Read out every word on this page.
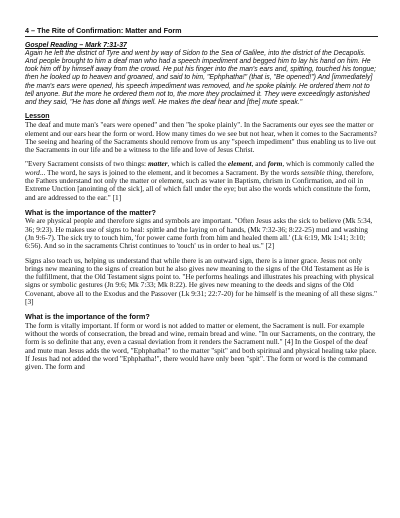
4 – The Rite of Confirmation: Matter and Form

Gospel Reading – Mark 7:31-37

Again he left the district of Tyre and went by way of Sidon to the Sea of Galilee, into the district of the Decapolis. And people brought to him a deaf man who had a speech impediment and begged him to lay his hand on him. He took him off by himself away from the crowd. He put his finger into the man's ears and, spitting, touched his tongue; then he looked up to heaven and groaned, and said to him, "Ephphatha!" (that is, "Be opened!") And [immediately] the man's ears were opened, his speech impediment was removed, and he spoke plainly. He ordered them not to tell anyone. But the more he ordered them not to, the more they proclaimed it. They were exceedingly astonished and they said, "He has done all things well. He makes the deaf hear and [the] mute speak."

Lesson

The deaf and mute man's "ears were opened" and then "he spoke plainly". In the Sacraments our eyes see the matter or element and our ears hear the form or word. How many times do we see but not hear, when it comes to the Sacraments? The seeing and hearing of the Sacraments should remove from us any "speech impediment" thus enabling us to live out the Sacraments in our life and be a witness to the life and love of Jesus Christ.

"Every Sacrament consists of two things: matter, which is called the element, and form, which is commonly called the word... The word, he says is joined to the element, and it becomes a Sacrament. By the words sensible thing, therefore, the Fathers understand not only the matter or element, such as water in Baptism, chrism in Confirmation, and oil in Extreme Unction [anointing of the sick], all of which fall under the eye; but also the words which constitute the form, and are addressed to the ear." [1]

What is the importance of the matter?

We are physical people and therefore signs and symbols are important. "Often Jesus asks the sick to believe (Mk 5:34, 36; 9:23). He makes use of signs to heal: spittle and the laying on of hands, (Mk 7:32-36; 8:22-25) mud and washing (Jn 9:6-7). The sick try to touch him, 'for power came forth from him and healed them all.' (Lk 6:19, Mk 1:41; 3:10; 6:56). And so in the sacraments Christ continues to 'touch' us in order to heal us." [2]

Signs also teach us, helping us understand that while there is an outward sign, there is a inner grace. Jesus not only brings new meaning to the signs of creation but he also gives new meaning to the signs of the Old Testament as He is the fulfillment, that the Old Testament signs point to. "He performs healings and illustrates his preaching with physical signs or symbolic gestures (Jn 9:6; Mk 7:33; Mk 8:22). He gives new meaning to the deeds and signs of the Old Covenant, above all to the Exodus and the Passover (Lk 9:31; 22:7-20) for he himself is the meaning of all these signs." [3]

What is the importance of the form?

The form is vitally important. If form or word is not added to matter or element, the Sacrament is null. For example without the words of consecration, the bread and wine, remain bread and wine. "In our Sacraments, on the contrary, the form is so definite that any, even a casual deviation from it renders the Sacrament null." [4] In the Gospel of the deaf and mute man Jesus adds the word, "Ephphatha!" to the matter "spit" and both spiritual and physical healing take place. If Jesus had not added the word "Ephphatha!", there would have only been "spit". The form or word is the command given. The form and
